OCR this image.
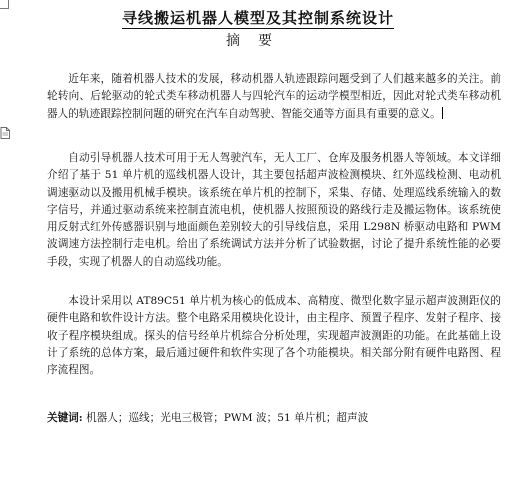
寻线搬运机器人模型及其控制系统设计
摘要

近年来，随着机器人技术的发展，移动机器人轨迹跟踪问题受到了人们越来越多的关注。前轮转向、后轮驱动的轮式类车移动机器人与四轮汽车的运动学模型相近，因此对轮式类车移动机器人的轨迹跟踪控制问题的研究在汽车自动驾驶、智能交通等方面具有重要的意义。

自动引导机器人技术可用于无人驾驶汽车，无人工厂、仓库及服务机器人等领域。本文详细介绍了基于 51 单片机的巡线机器人设计，其主要包括超声波检测模块、红外巡线检测、电动机调速驱动以及搬用机械手模块。该系统在单片机的控制下，采集、存储、处理巡线系统输入的数字信号，并通过驱动系统来控制直流电机，使机器人按照预设的路线行走及搬运物体。该系统使用反射式红外传感器识别与地面颜色差别较大的引导线信息，采用 L298N 桥驱动电路和 PWM 波调速方法控制行走电机。给出了系统调试方法并分析了试验数据，讨论了提升系统性能的必要手段，实现了机器人的自动巡线功能。

本设计采用以 AT89C51 单片机为核心的低成本、高精度、微型化数字显示超声波测距仪的硬件电路和软件设计方法。整个电路采用模块化设计，由主程序、预置子程序、发射子程序、接收子程序模块组成。探头的信号经单片机综合分析处理，实现超声波测距的功能。在此基础上设计了系统的总体方案，最后通过硬件和软件实现了各个功能模块。相关部分附有硬件电路图、程序流程图。

关键词: 机器人；巡线；光电三极管；PWM 波；51 单片机；超声波
